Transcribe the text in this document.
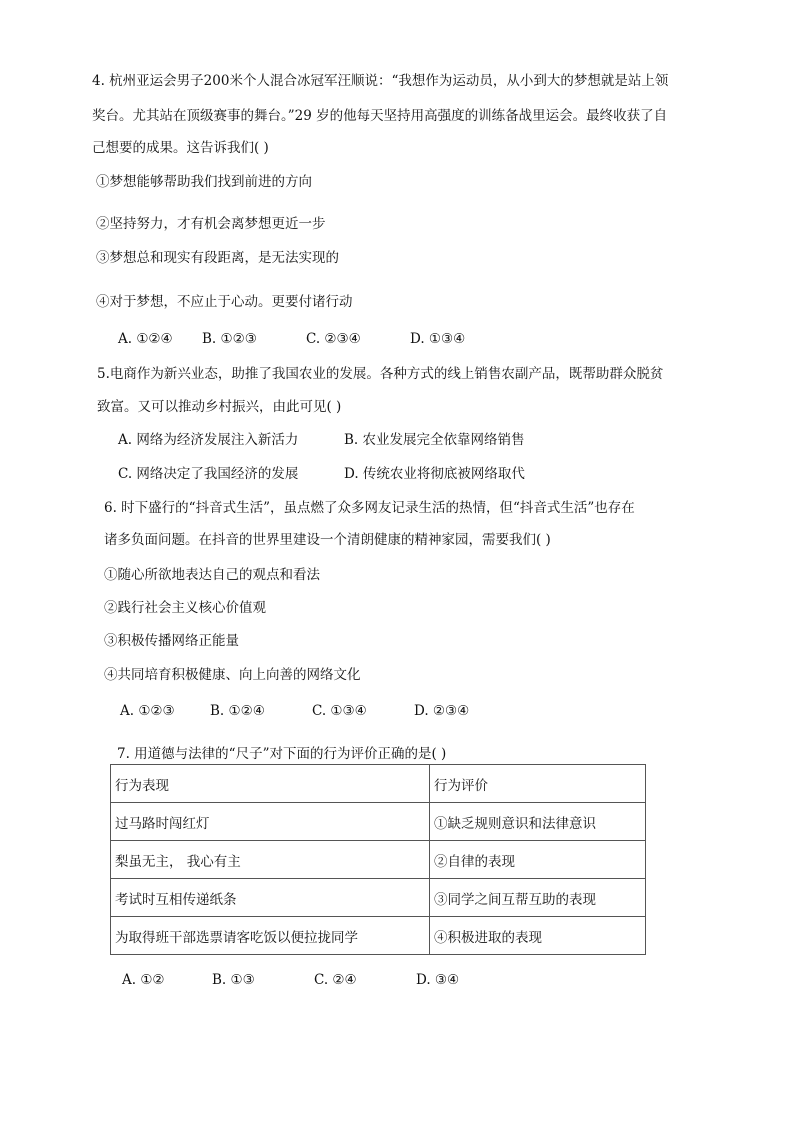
4. 杭州亚运会男子200米个人混合冰冠军汪顺说：“我想作为运动员，从小到大的梦想就是站上领
奖台。尤其站在顶级赛事的舞台。”29 岁的他每天坚持用高强度的训练备战里运会。最终收获了自
己想要的成果。这告诉我们( )
①梦想能够帮助我们找到前进的方向
②坚持努力，才有机会离梦想更近一步
③梦想总和现实有段距离，是无法实现的
④对于梦想，不应止于心动。更要付诸行动
A. ①②④ B. ①②③	C. ②③④	D. ①③④
5.电商作为新兴业态，助推了我国农业的发展。各种方式的线上销售农副产品，既帮助群众脱贫
致富。又可以推动乡村振兴，由此可见( )
A. 网络为经济发展注入新活力	B. 农业发展完全依靠网络销售
C. 网络决定了我国经济的发展	D. 传统农业将彻底被网络取代
6. 时下盛行的“抖音式生活”，虽点燃了众多网友记录生活的热情，但“抖音式生活”也存在
诸多负面问题。在抖音的世界里建设一个清朗健康的精神家园，需要我们( )
①随心所欲地表达自己的观点和看法
②践行社会主义核心价值观
③积极传播网络正能量
④共同培育积极健康、向上向善的网络文化
A. ①②③	B. ①②④	C. ①③④	D. ②③④
7. 用道德与法律的“尺子”对下面的行为评价正确的是( )
行为表现	行为评价
过马路时闯红灯	①缺乏规则意识和法律意识
梨虽无主， 我心有主	②自律的表现
考试时互相传递纸条	③同学之间互帮互助的表现
为取得班干部选票请客吃饭以便拉拢同学	④积极进取的表现
A. ①②	B. ①③	C. ②④	D. ③④
